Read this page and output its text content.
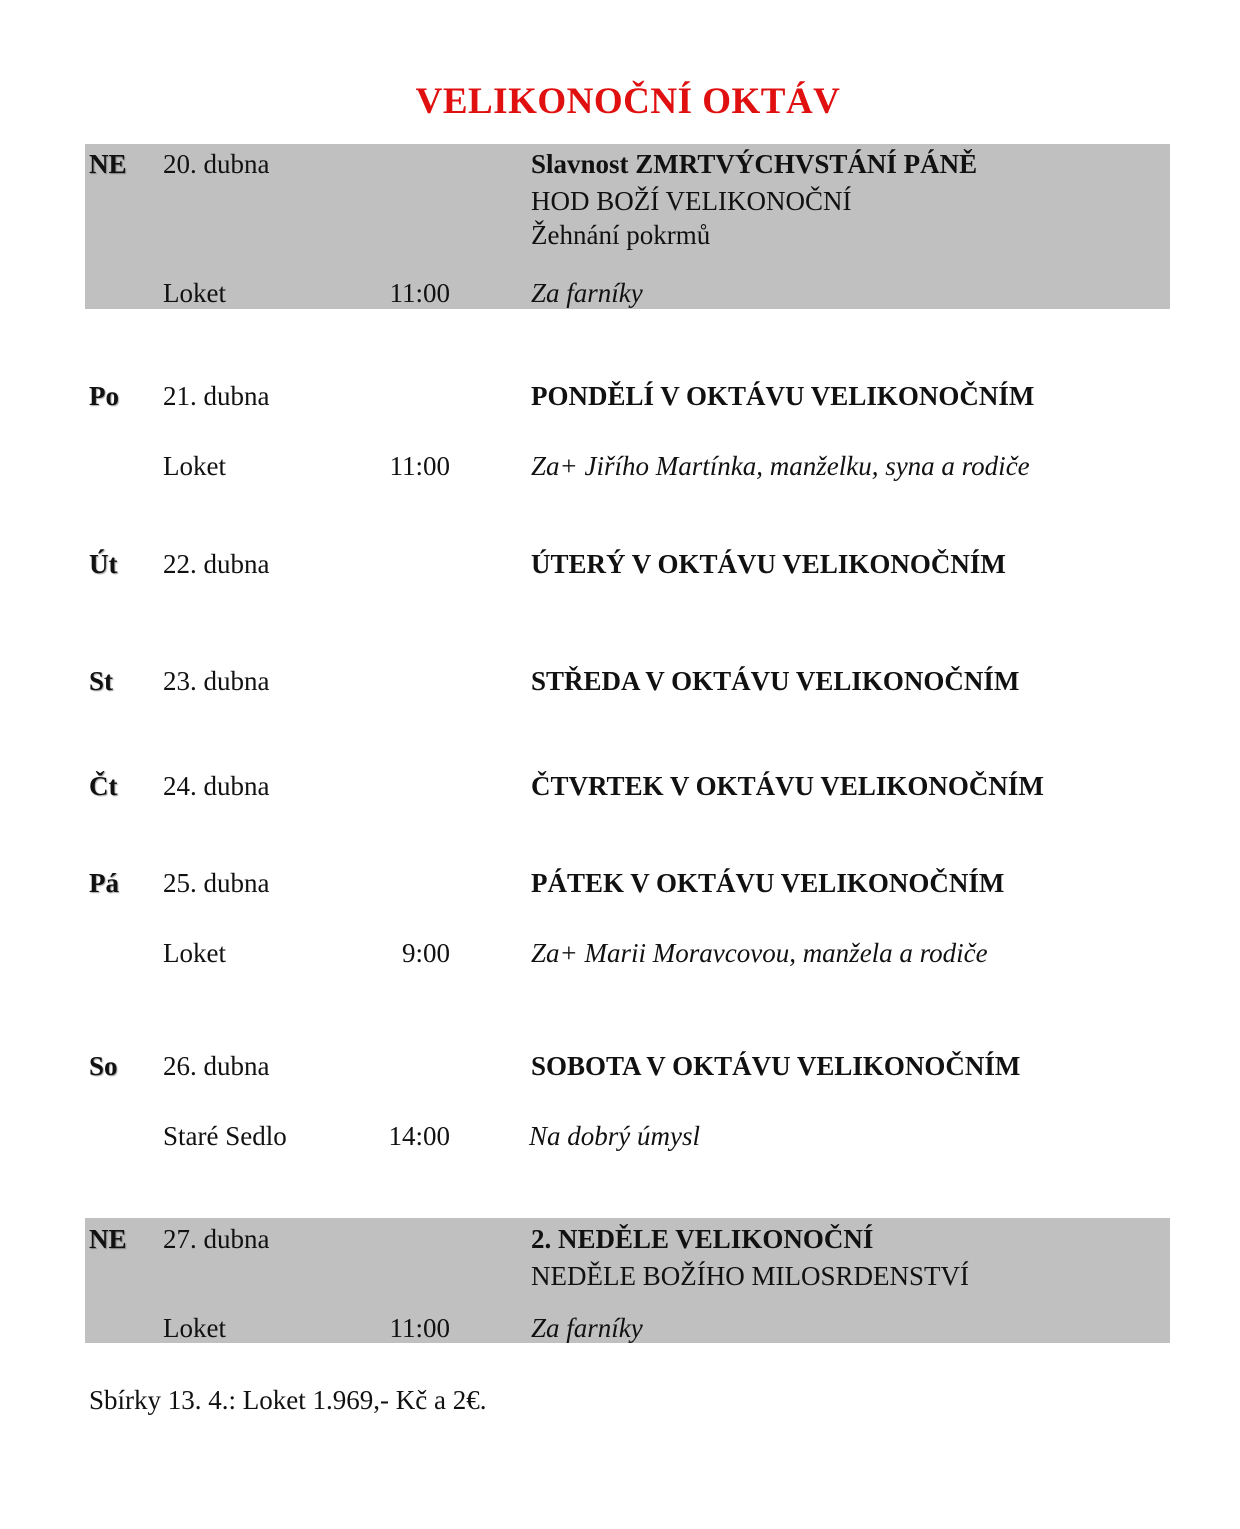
VELIKONOČNÍ OKTÁV
NE 20. dubna	Slavnost ZMRTVÝCHVSTÁNÍ PÁNĚ
HOD BOŽÍ VELIKONOČNÍ
Žehnání pokrmů
Loket	11:00	Za farníky
Po 21. dubna	PONDĚLÍ V OKTÁVU VELIKONOČNÍM
Loket	11:00	Za+ Jiřího Martínka, manželku, syna a rodiče
Út 22. dubna	ÚTERÝ V OKTÁVU VELIKONOČNÍM
St 23. dubna	STŘEDA V OKTÁVU VELIKONOČNÍM
Čt 24. dubna	ČTVRTEK V OKTÁVU VELIKONOČNÍM
Pá 25. dubna	PÁTEK V OKTÁVU VELIKONOČNÍM
Loket	9:00	Za+ Marii Moravcovou, manžela a rodiče
So 26. dubna	SOBOTA V OKTÁVU VELIKONOČNÍM
Staré Sedlo	14:00	Na dobrý úmysl
NE 27. dubna	2. NEDĚLE VELIKONOČNÍ
NEDĚLE BOŽÍHO MILOSRDENSTVÍ
Loket	11:00	Za farníky
Sbírky 13. 4.: Loket 1.969,- Kč a 2€.
